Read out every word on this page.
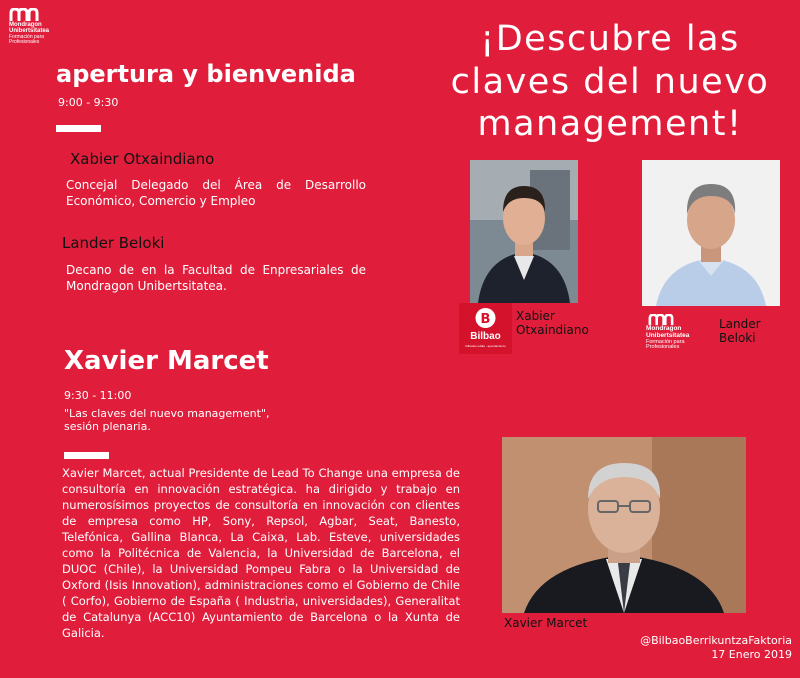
Mondragon Unibertsitatea
Formación para Profesionales	¡Descubre las
claves del nuevo
management!
apertura y bienvenida
9:00 - 9:30
Xabier Otxaindiano
Concejal Delegado del Área de Desarrollo Económico, Comercio y Empleo
Lander Beloki
Decano de en la Facultad de Enpresariales de Mondragon Unibertsitatea.
Xavier Marcet
9:30 - 11:00
"Las claves del nuevo management",
sesión plenaria.
Xavier Marcet, actual Presidente de Lead To Change una empresa de consultoría en innovación estratégica. ha dirigido y trabajo en numerosísimos proyectos de consultoría en innovación con clientes de empresa como HP, Sony, Repsol, Agbar, Seat, Banesto, Telefónica, Gallina Blanca, La Caixa, Lab. Esteve, universidades como la Politécnica de Valencia, la Universidad de Barcelona, el DUOC (Chile), la Universidad Pompeu Fabra o la Universidad de Oxford (Isis Innovation), administraciones como el Gobierno de Chile ( Corfo), Gobierno de España ( Industria, universidades), Generalitat de Catalunya (ACC10) Ayuntamiento de Barcelona o la Xunta de Galicia.
B
Bilbao
bilbaoko udala · ayuntamiento
Xabier
Otxaindiano	Mondragon Unibertsitatea
Formación para Profesionales
Lander
Beloki
Xavier Marcet
@BilbaoBerrikuntzaFaktoria
17 Enero 2019
